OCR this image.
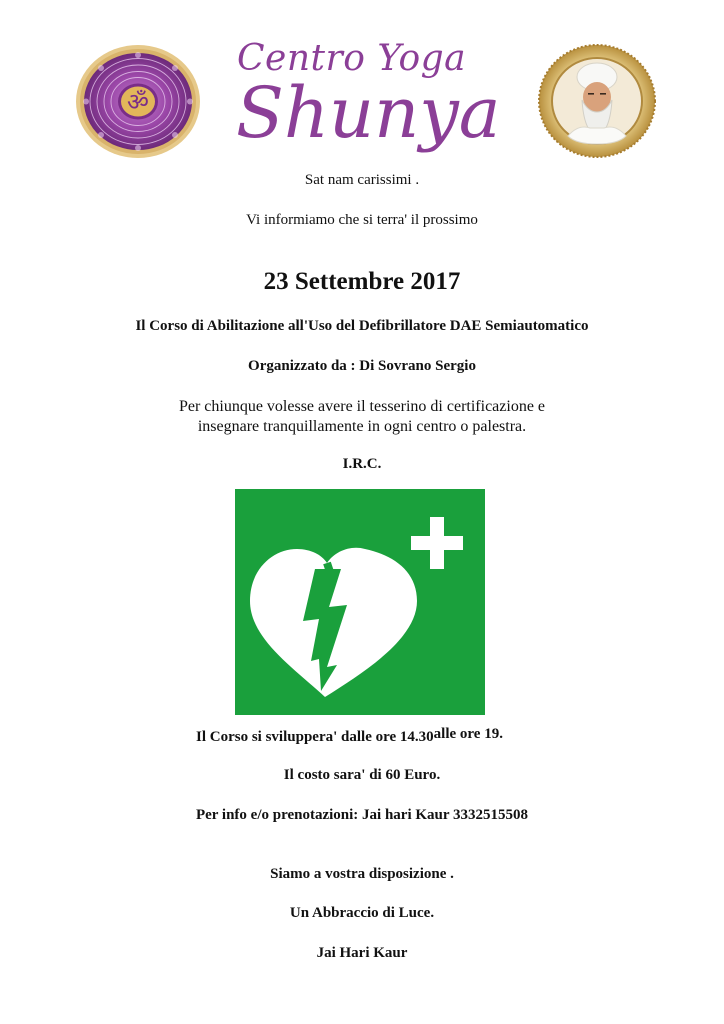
ॐ
Centro Yoga
Shunya
Sat nam carissimi .
Vi informiamo che si terra' il prossimo
23 Settembre 2017
Il Corso di Abilitazione all'Uso del Defibrillatore DAE Semiautomatico
Organizzato da : Di Sovrano Sergio
Per chiunque volesse avere il tesserino di certificazione e
insegnare tranquillamente in ogni centro o palestra.
I.R.C.
Il Corso si sviluppera' dalle ore 14.30alle ore 19.
Il costo sara' di 60 Euro.
Per info e/o prenotazioni: Jai hari Kaur 3332515508
Siamo a vostra disposizione .
Un Abbraccio di Luce.
Jai Hari Kaur
